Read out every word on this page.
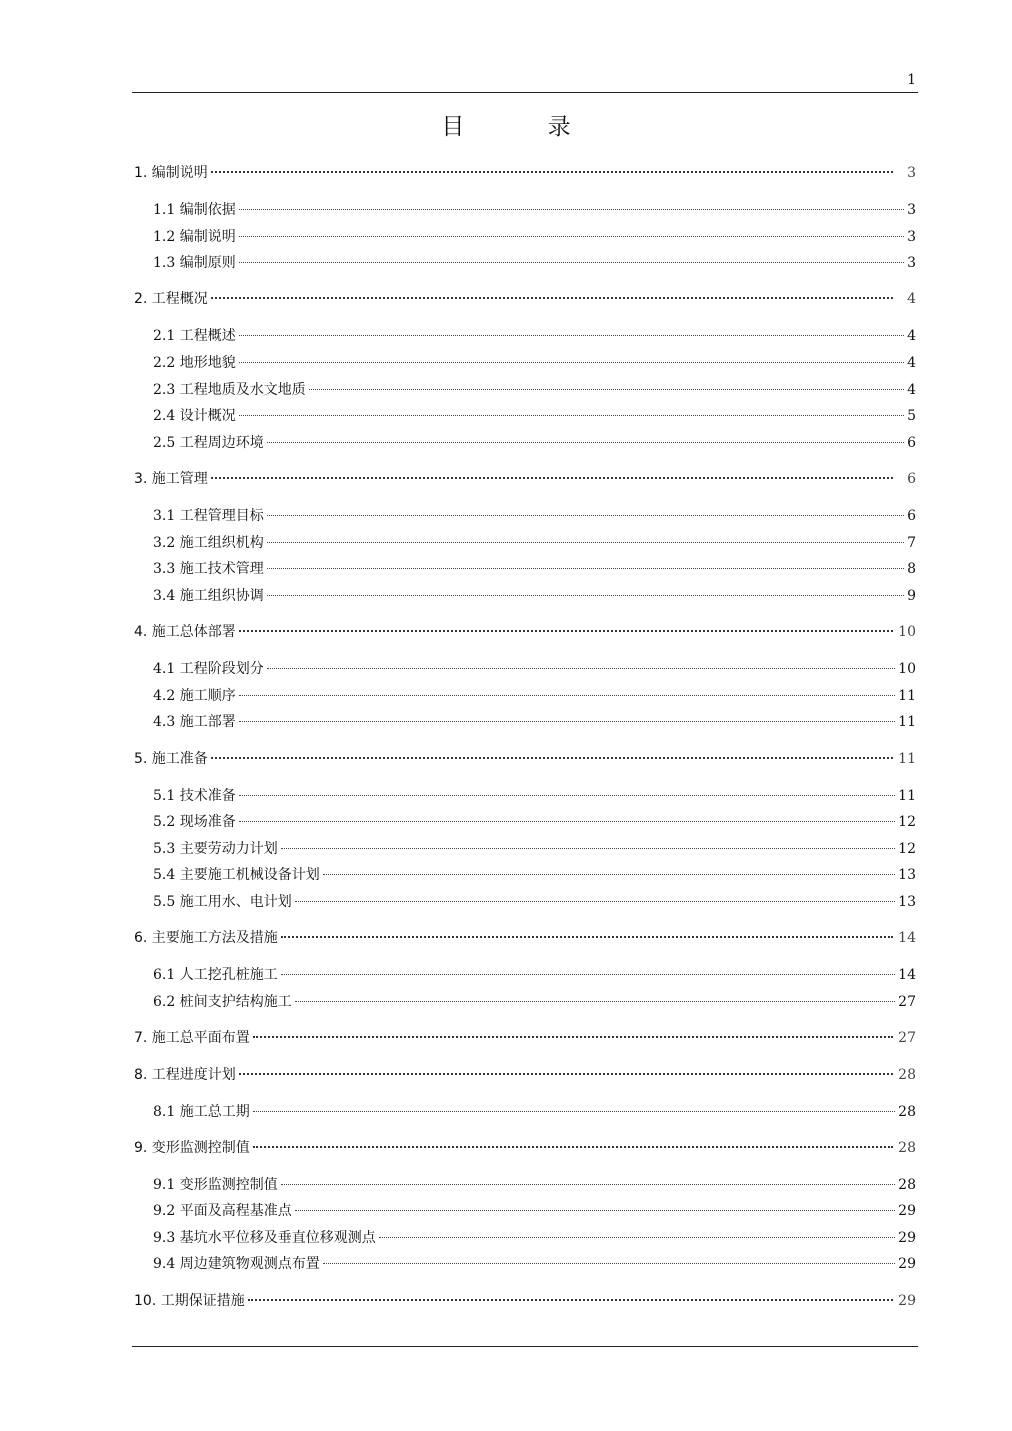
1
目 录
1. 编制说明	3
1.1 编制依据	3
1.2 编制说明	3
1.3 编制原则	3
2. 工程概况	4
2.1 工程概述	4
2.2 地形地貌	4
2.3 工程地质及水文地质	4
2.4 设计概况	5
2.5 工程周边环境	6
3. 施工管理	6
3.1 工程管理目标	6
3.2 施工组织机构	7
3.3 施工技术管理	8
3.4 施工组织协调	9
4. 施工总体部署	10
4.1 工程阶段划分	10
4.2 施工顺序	11
4.3 施工部署	11
5. 施工准备	11
5.1 技术准备	11
5.2 现场准备	12
5.3 主要劳动力计划	12
5.4 主要施工机械设备计划	13
5.5 施工用水、电计划	13
6. 主要施工方法及措施	14
6.1 人工挖孔桩施工	14
6.2 桩间支护结构施工	27
7. 施工总平面布置	27
8. 工程进度计划	28
8.1 施工总工期	28
9. 变形监测控制值	28
9.1 变形监测控制值	28
9.2 平面及高程基准点	29
9.3 基坑水平位移及垂直位移观测点	29
9.4 周边建筑物观测点布置	29
10. 工期保证措施	29
